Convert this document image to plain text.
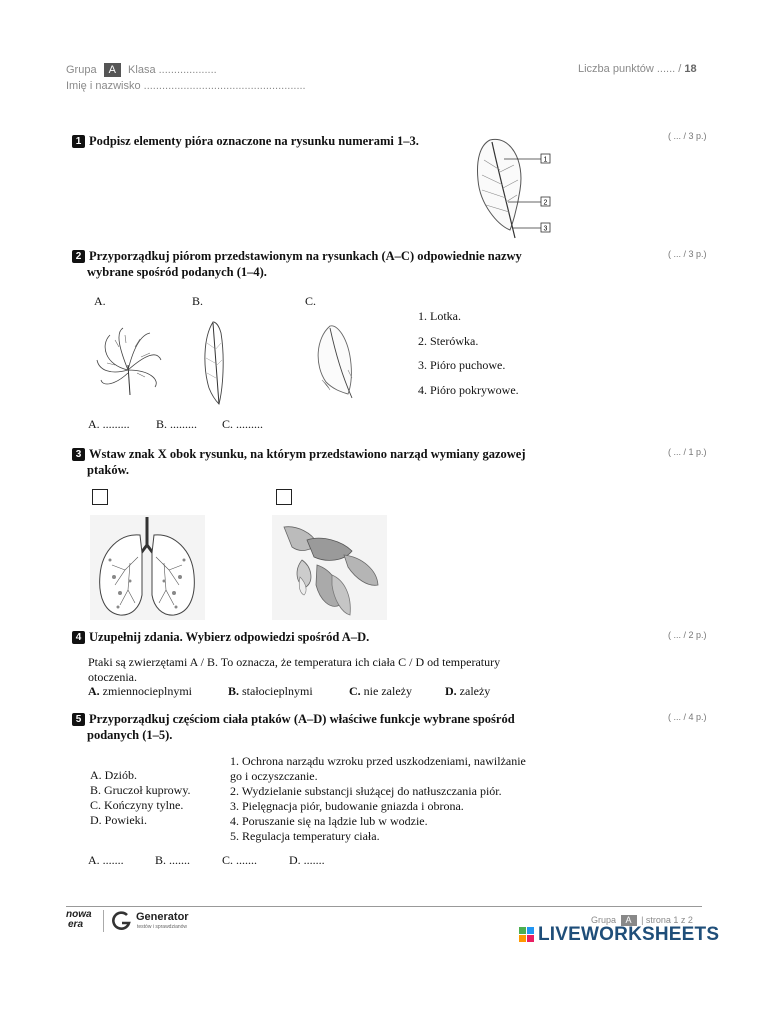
Grupa A Klasa ...................
Imię i nazwisko .....................................................
Liczba punktów ...... / 18
1 Podpisz elementy pióra oznaczone na rysunku numerami 1–3.	( ... / 3 p.)
1
2
3
2 Przyporządkuj piórom przedstawionym na rysunkach (A–C) odpowiednie nazwy
wybrane spośród podanych (1–4).
( ... / 3 p.)
A.	B.	C.
1. Lotka.
2. Sterówka.
3. Pióro puchowe.
4. Pióro pokrywowe.
A. ......... B. ......... C. .........
3 Wstaw znak X obok rysunku, na którym przedstawiono narząd wymiany gazowej
ptaków.
( ... / 1 p.)
4 Uzupełnij zdania. Wybierz odpowiedzi spośród A–D.	( ... / 2 p.)
Ptaki są zwierzętami A / B. To oznacza, że temperatura ich ciała C / D od temperatury
otoczenia.
A. zmiennocieplnymi	B. stałocieplnymi	C. nie zależy	D. zależy
5 Przyporządkuj częściom ciała ptaków (A–D) właściwe funkcje wybrane spośród
podanych (1–5).
( ... / 4 p.)
A. Dziób.
B. Gruczoł kuprowy.
C. Kończyny tylne.
D. Powieki.
1. Ochrona narządu wzroku przed uszkodzeniami, nawilżanie
go i oczyszczanie.
2. Wydzielanie substancji służącej do natłuszczania piór.
3. Pielęgnacja piór, budowanie gniazda i obrona.
4. Poruszanie się na lądzie lub w wodzie.
5. Regulacja temperatury ciała.
A. .......	B. .......	C. .......	D. .......
nowa
era
Generator
testów i sprawdzianów
Grupa A | strona 1 z 2
LIVEWORKSHEETS
